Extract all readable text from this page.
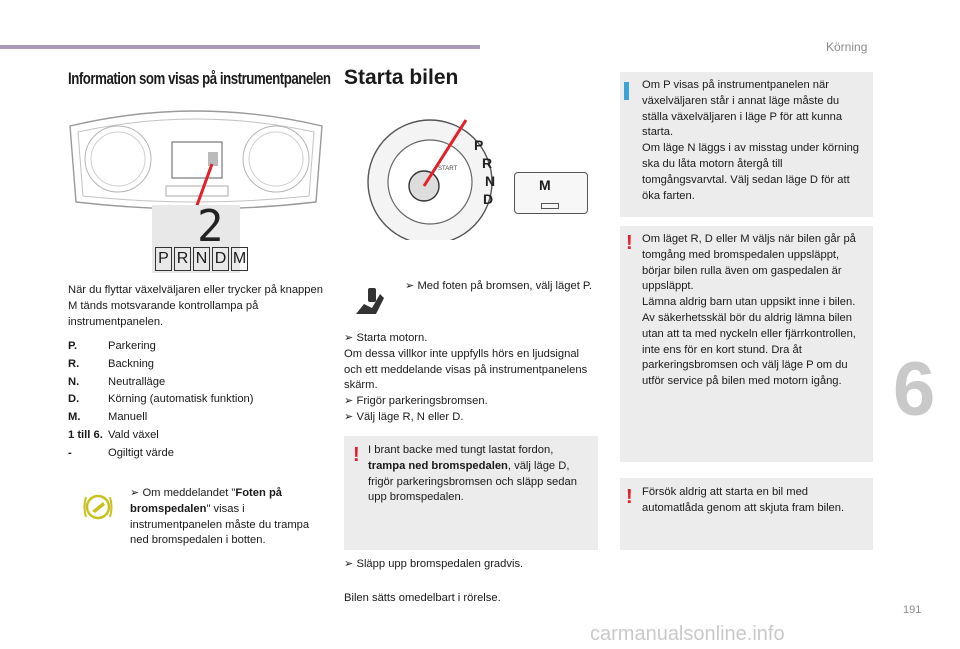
Körning
6
191
Information som visas på instrumentpanelen
2
P R N D M

När du flyttar växelväljaren eller trycker på knappen M tänds motsvarande kontrollampa på instrumentpanelen.

P.	Parkering
R.	Backning
N.	Neutralläge
D.	Körning (automatisk funktion)
M.	Manuell
1 till 6. Vald växel
-	Ogiltigt värde
➢ Om meddelandet "Foten på bromspedalen" visas i instrumentpanelen måste du trampa ned bromspedalen i botten.
Starta bilen
P
R
N
D
START
M
➢ Med foten på bromsen, välj läget P.
➢ Starta motorn.
Om dessa villkor inte uppfylls hörs en ljudsignal och ett meddelande visas på instrumentpanelens skärm.
➢ Frigör parkeringsbromsen.
➢ Välj läge R, N eller D.
! I brant backe med tungt lastat fordon, trampa ned bromspedalen, välj läge D, frigör parkeringsbromsen och släpp sedan upp bromspedalen.
➢ Släpp upp bromspedalen gradvis.
Bilen sätts omedelbart i rörelse.
Om P visas på instrumentpanelen när växelväljaren står i annat läge måste du ställa växelväljaren i läge P för att kunna starta.
Om läge N läggs i av misstag under körning ska du låta motorn återgå till tomgångsvarvtal. Välj sedan läge D för att öka farten.
! Om läget R, D eller M väljs när bilen går på tomgång med bromspedalen uppsläppt, börjar bilen rulla även om gaspedalen är uppsläppt.
Lämna aldrig barn utan uppsikt inne i bilen.
Av säkerhetsskäl bör du aldrig lämna bilen utan att ta med nyckeln eller fjärrkontrollen, inte ens för en kort stund. Dra åt parkeringsbromsen och välj läge P om du utför service på bilen med motorn igång.
! Försök aldrig att starta en bil med automatlåda genom att skjuta fram bilen.
carmanualsonline.info
